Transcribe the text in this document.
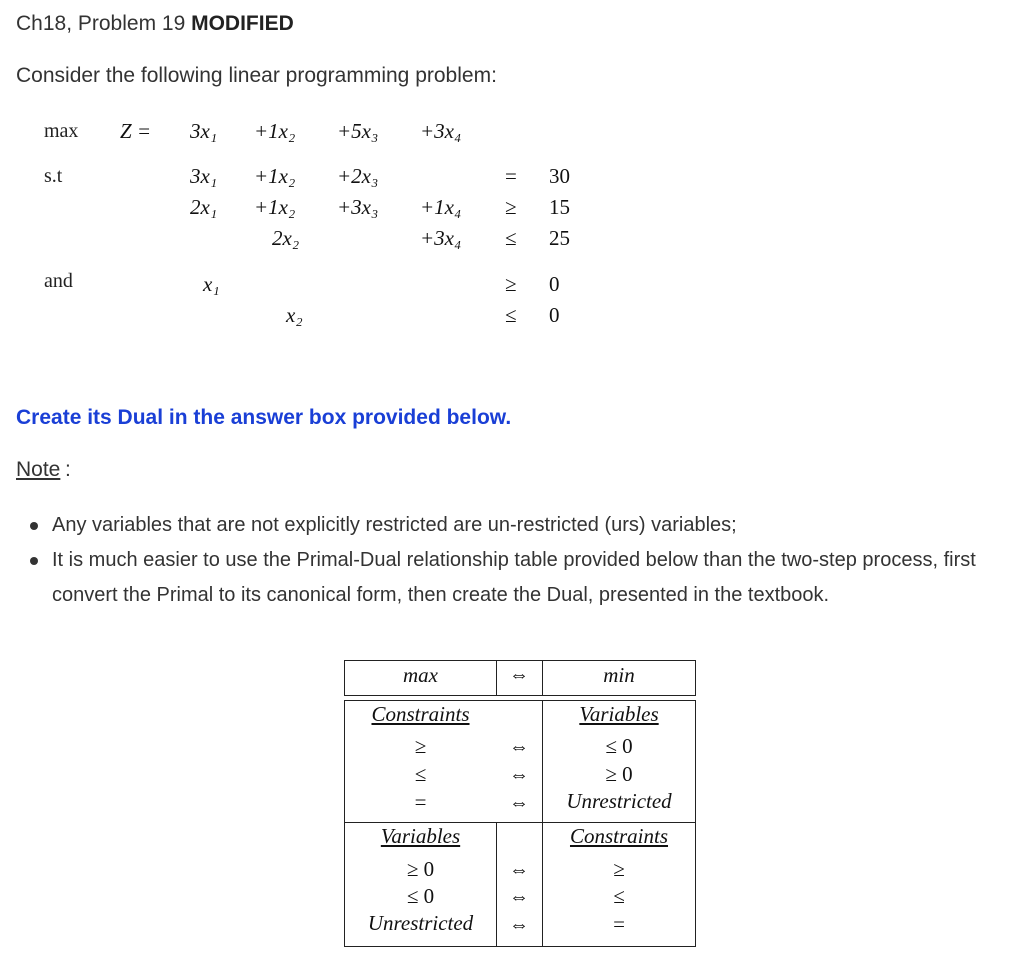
Ch18, Problem 19 MODIFIED
Consider the following linear programming problem:
max Z = 3x₁ +1x₂ +5x₃ +3x₄
s.t	3x₁ +1x₂ +2x₃	= 30
2x₁ +1x₂ +3x₃ +1x₄ ≥ 15
2x₂	+3x₄ ≤ 25
and	x₁	≥ 0
x₂	≤ 0
Create its Dual in the answer box provided below.
Note :
Any variables that are not explicitly restricted are un-restricted (urs) variables;
It is much easier to use the Primal-Dual relationship table provided below than the two-step process, first convert the Primal to its canonical form, then create the Dual, presented in the textbook.
max	⇔	min
Constraints	Variables
≥	⇔	≤ 0
≤	⇔	≥ 0
=	⇔	Unrestricted
Variables	Constraints
≥ 0	⇔	≥
≤ 0	⇔	≤
Unrestricted	⇔	=
